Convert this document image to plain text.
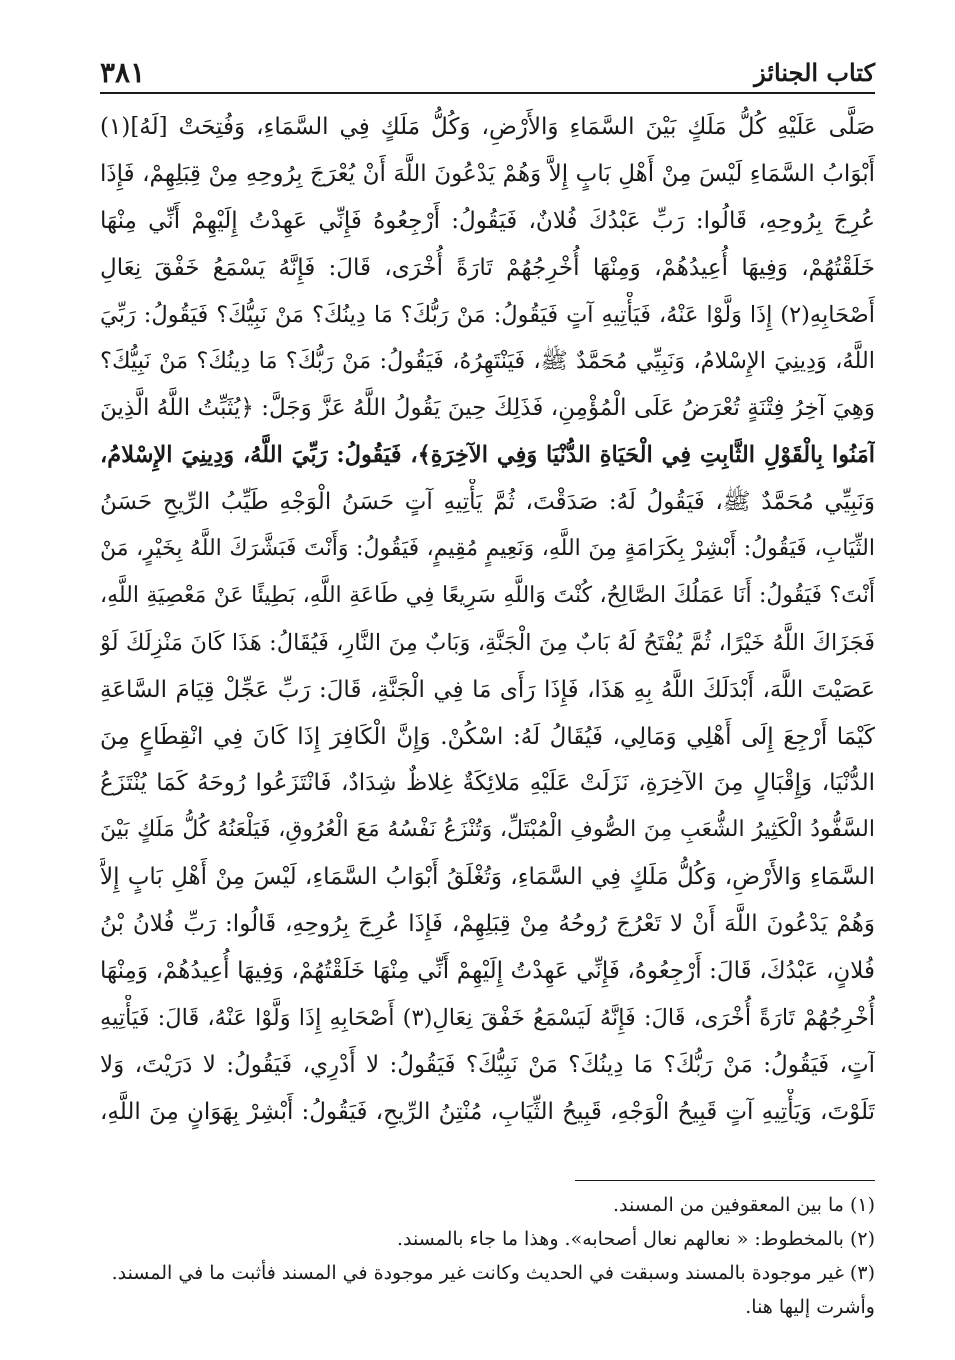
كتاب الجنائز
٣٨١
صَلَّى عَلَيْهِ كُلُّ مَلَكٍ بَيْنَ السَّمَاءِ وَالأَرْضِ، وَكُلُّ مَلَكٍ فِي السَّمَاءِ، وَفُتِحَتْ [لَهُ](١)
أَبْوَابُ السَّمَاءِ لَيْسَ مِنْ أَهْلِ بَابٍ إِلاَّ وَهُمْ يَدْعُونَ اللَّهَ أَنْ يُعْرَجَ بِرُوحِهِ مِنْ قِبَلِهِمْ، فَإِذَا
عُرِجَ بِرُوحِهِ، قَالُوا: رَبِّ عَبْدُكَ فُلانٌ، فَيَقُولُ: أَرْجِعُوهُ فَإِنِّي عَهِدْتُ إِلَيْهِمْ أَنِّي مِنْهَا
خَلَقْتُهُمْ، وَفِيهَا أُعِيدُهُمْ، وَمِنْهَا أُخْرِجُهُمْ تَارَةً أُخْرَى، قَالَ: فَإِنَّهُ يَسْمَعُ خَفْقَ نِعَالِ
أَصْحَابِهِ(٢) إِذَا وَلَّوْا عَنْهُ، فَيَأْتِيهِ آتٍ فَيَقُولُ: مَنْ رَبُّكَ؟ مَا دِينُكَ؟ مَنْ نَبِيُّكَ؟ فَيَقُولُ: رَبِّيَ
اللَّهُ، وَدِينِيَ الإِسْلامُ، وَنَبِيِّي مُحَمَّدٌ ﷺ، فَيَنْتَهِرُهُ، فَيَقُولُ: مَنْ رَبُّكَ؟ مَا دِينُكَ؟ مَنْ نَبِيُّكَ؟
وَهِيَ آخِرُ فِتْنَةٍ تُعْرَضُ عَلَى الْمُؤْمِنِ، فَذَلِكَ حِينَ يَقُولُ اللَّهُ عَزَّ وَجَلَّ: ﴿يُثَبِّتُ اللَّهُ الَّذِينَ
آمَنُوا بِالْقَوْلِ الثَّابِتِ فِي الْحَيَاةِ الدُّنْيَا وَفِي الآخِرَةِ﴾، فَيَقُولُ: رَبِّيَ اللَّهُ، وَدِينِيَ الإِسْلامُ،
وَنَبِيِّي مُحَمَّدٌ ﷺ، فَيَقُولُ لَهُ: صَدَقْتَ، ثُمَّ يَأْتِيهِ آتٍ حَسَنُ الْوَجْهِ طَيِّبُ الرِّيحِ حَسَنُ
الثِّيَابِ، فَيَقُولُ: أَبْشِرْ بِكَرَامَةٍ مِنَ اللَّهِ، وَنَعِيمٍ مُقِيمٍ، فَيَقُولُ: وَأَنْتَ فَبَشَّرَكَ اللَّهُ بِخَيْرٍ، مَنْ
أَنْتَ؟ فَيَقُولُ: أَنَا عَمَلُكَ الصَّالِحُ، كُنْتَ وَاللَّهِ سَرِيعًا فِي طَاعَةِ اللَّهِ، بَطِيئًا عَنْ مَعْصِيَةِ اللَّهِ،
فَجَزَاكَ اللَّهُ خَيْرًا، ثُمَّ يُفْتَحُ لَهُ بَابٌ مِنَ الْجَنَّةِ، وَبَابٌ مِنَ النَّارِ، فَيُقَالُ: هَذَا كَانَ مَنْزِلَكَ لَوْ
عَصَيْتَ اللَّهَ، أَبْدَلَكَ اللَّهُ بِهِ هَذَا، فَإِذَا رَأَى مَا فِي الْجَنَّةِ، قَالَ: رَبِّ عَجِّلْ قِيَامَ السَّاعَةِ
كَيْمَا أَرْجِعَ إِلَى أَهْلِي وَمَالِي، فَيُقَالُ لَهُ: اسْكُنْ. وَإِنَّ الْكَافِرَ إِذَا كَانَ فِي انْقِطَاعٍ مِنَ
الدُّنْيَا، وَإِقْبَالٍ مِنَ الآخِرَةِ، نَزَلَتْ عَلَيْهِ مَلائِكَةٌ غِلاظٌ شِدَادٌ، فَانْتَزَعُوا رُوحَهُ كَمَا يُنْتَزَعُ
السَّفُّودُ الْكَثِيرُ الشُّعَبِ مِنَ الصُّوفِ الْمُبْتَلِّ، وَتُنْزَعُ نَفْسُهُ مَعَ الْعُرُوقِ، فَيَلْعَنُهُ كُلُّ مَلَكٍ بَيْنَ
السَّمَاءِ وَالأَرْضِ، وَكُلُّ مَلَكٍ فِي السَّمَاءِ، وَتُغْلَقُ أَبْوَابُ السَّمَاءِ، لَيْسَ مِنْ أَهْلِ بَابٍ إِلاَّ
وَهُمْ يَدْعُونَ اللَّهَ أَنْ لا تَعْرُجَ رُوحُهُ مِنْ قِبَلِهِمْ، فَإِذَا عُرِجَ بِرُوحِهِ، قَالُوا: رَبِّ فُلانُ بْنُ
فُلانٍ، عَبْدُكَ، قَالَ: أَرْجِعُوهُ، فَإِنِّي عَهِدْتُ إِلَيْهِمْ أَنِّي مِنْهَا خَلَقْتُهُمْ، وَفِيهَا أُعِيدُهُمْ، وَمِنْهَا
أُخْرِجُهُمْ تَارَةً أُخْرَى، قَالَ: فَإِنَّهُ لَيَسْمَعُ خَفْقَ نِعَالِ(٣) أَصْحَابِهِ إِذَا وَلَّوْا عَنْهُ، قَالَ: فَيَأْتِيهِ
آتٍ، فَيَقُولُ: مَنْ رَبُّكَ؟ مَا دِينُكَ؟ مَنْ نَبِيُّكَ؟ فَيَقُولُ: لا أَدْرِي، فَيَقُولُ: لا دَرَيْتَ، وَلا
تَلَوْتَ، وَيَأْتِيهِ آتٍ قَبِيحُ الْوَجْهِ، قَبِيحُ الثِّيَابِ، مُنْتِنُ الرِّيحِ، فَيَقُولُ: أَبْشِرْ بِهَوَانٍ مِنَ اللَّهِ،
(١) ما بين المعقوفين من المسند.
(٢) بالمخطوط: « نعالهم نعال أصحابه». وهذا ما جاء بالمسند.
(٣) غير موجودة بالمسند وسبقت في الحديث وكانت غير موجودة في المسند فأثبت ما في المسند.
وأشرت إليها هنا.
